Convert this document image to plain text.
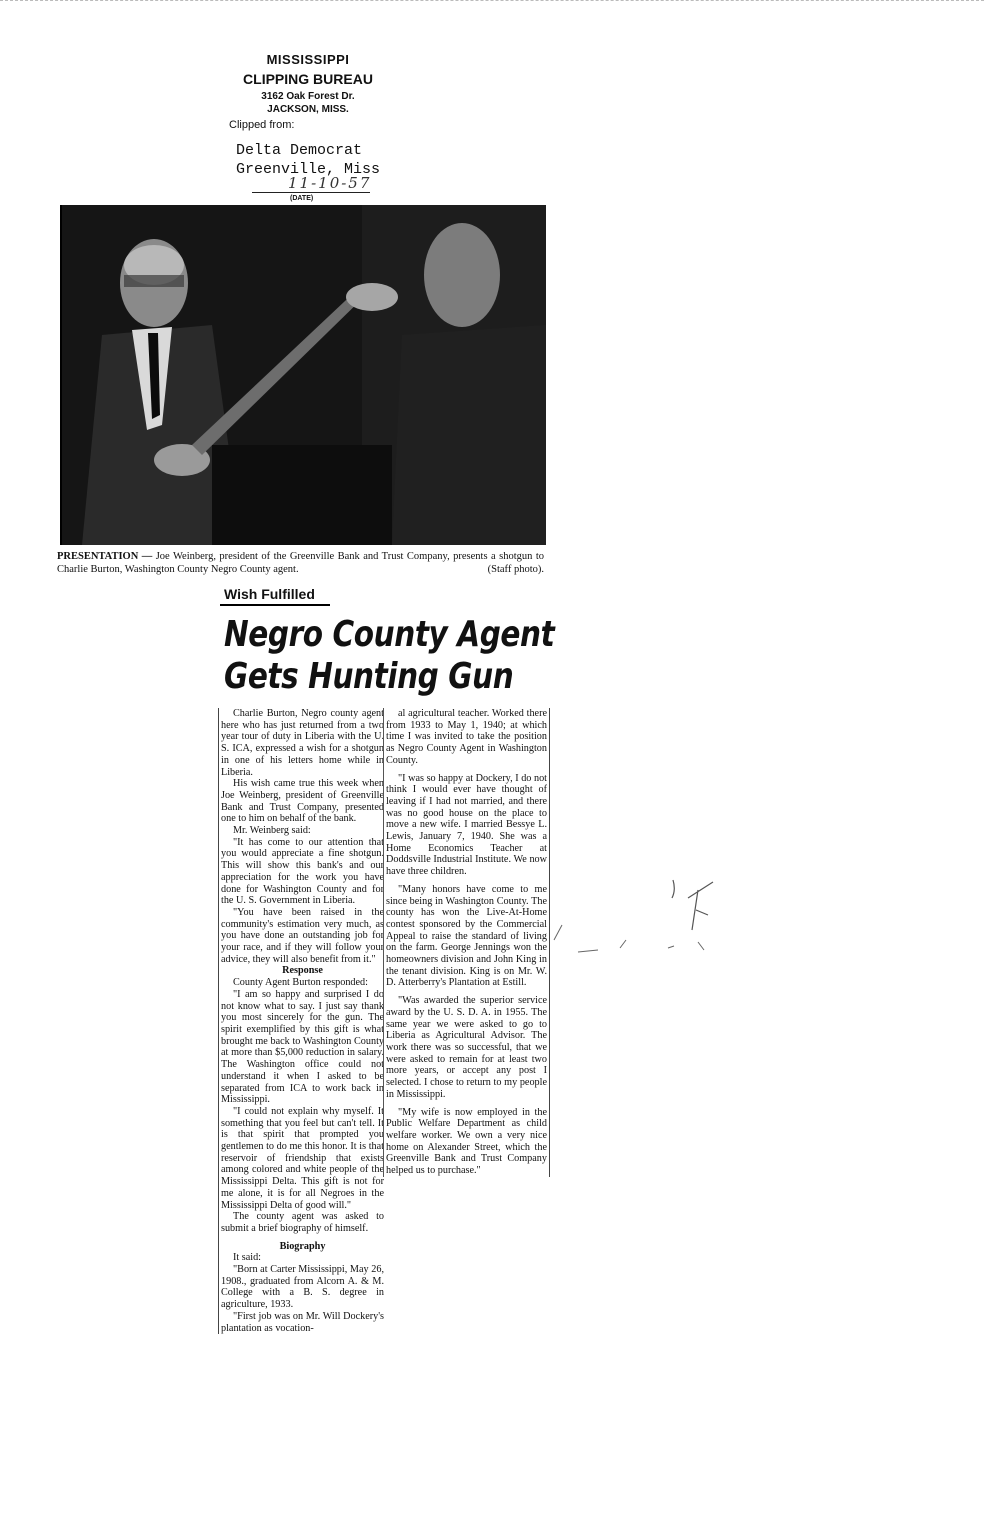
MISSISSIPPI
CLIPPING BUREAU
3162 Oak Forest Dr.
JACKSON, MISS.
Clipped from:
Delta Democrat
Greenville, Miss
11-10-57
(DATE)
PRESENTATION — Joe Weinberg, president of the Greenville Bank and Trust Company, presents a shotgun to Charlie Burton, Washington County Negro County agent.	(Staff photo).
Wish Fulfilled
Negro County Agent
Gets Hunting Gun

Charlie Burton, Negro county agent here who has just returned from a two year tour of duty in Liberia with the U. S. ICA, expressed a wish for a shotgun in one of his letters home while in Liberia.

His wish came true this week when Joe Weinberg, president of Greenville Bank and Trust Company, presented one to him on behalf of the bank.

Mr. Weinberg said:

"It has come to our attention that you would appreciate a fine shotgun. This will show this bank's and our appreciation for the work you have done for Washington County and for the U. S. Government in Liberia.

"You have been raised in the community's estimation very much, as you have done an outstanding job for your race, and if they will follow your advice, they will also benefit from it."

Response

County Agent Burton responded:

"I am so happy and surprised I do not know what to say. I just say thank you most sincerely for the gun. The spirit exemplified by this gift is what brought me back to Washington County at more than $5,000 reduction in salary. The Washington office could not understand it when I asked to be separated from ICA to work back in Mississippi.

"I could not explain why myself. It something that you feel but can't tell. It is that spirit that prompted you gentlemen to do me this honor. It is that reservoir of friendship that exists among colored and white people of the Mississippi Delta. This gift is not for me alone, it is for all Negroes in the Mississippi Delta of good will."

The county agent was asked to submit a brief biography of himself.

Biography

It said:

"Born at Carter Mississippi, May 26, 1908., graduated from Alcorn A. & M. College with a B. S. degree in agriculture, 1933.

"First job was on Mr. Will Dockery's plantation as vocation-

al agricultural teacher. Worked there from 1933 to May 1, 1940; at which time I was invited to take the position as Negro County Agent in Washington County.

"I was so happy at Dockery, I do not think I would ever have thought of leaving if I had not married, and there was no good house on the place to move a new wife. I married Bessye L. Lewis, January 7, 1940. She was a Home Economics Teacher at Doddsville Industrial Institute. We now have three children.

"Many honors have come to me since being in Washington County. The county has won the Live-At-Home contest sponsored by the Commercial Appeal to raise the standard of living on the farm. George Jennings won the homeowners division and John King in the tenant division. King is on Mr. W. D. Atterberry's Plantation at Estill.

"Was awarded the superior service award by the U. S. D. A. in 1955. The same year we were asked to go to Liberia as Agricultural Advisor. The work there was so successful, that we were asked to remain for at least two more years, or accept any post I selected. I chose to return to my people in Mississippi.

"My wife is now employed in the Public Welfare Department as child welfare worker. We own a very nice home on Alexander Street, which the Greenville Bank and Trust Company helped us to purchase."
